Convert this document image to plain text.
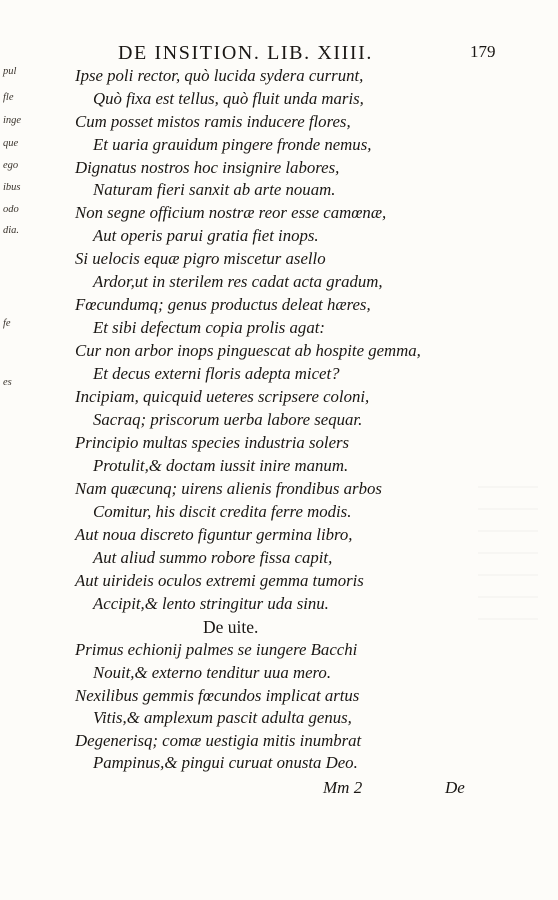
DE INSITION. LIB. XIIII.	179
pul
fle
inge
que
ego
ibus
odo
dia.
fe
es
Ipse poli rector, quò lucida sydera currunt,
Quò fixa est tellus, quò fluit unda maris,
Cum posset mistos ramis inducere flores,
Et uaria grauidum pingere fronde nemus,
Dignatus nostros hoc insignire labores,
Naturam fieri sanxit ab arte nouam.
Non segne officium nostræ reor esse camœnæ,
Aut operis parui gratia fiet inops.
Si uelocis equæ pigro miscetur asello
Ardor,ut in sterilem res cadat acta gradum,
Fœcundumq; genus productus deleat hæres,
Et sibi defectum copia prolis agat:
Cur non arbor inops pinguescat ab hospite gemma,
Et decus externi floris adepta micet?
Incipiam, quicquid ueteres scripsere coloni,
Sacraq; priscorum uerba labore sequar.
Principio multas species industria solers
Protulit,& doctam iussit inire manum.
Nam quæcunq; uirens alienis frondibus arbos
Comitur, his discit credita ferre modis.
Aut noua discreto figuntur germina libro,
Aut aliud summo robore fissa capit,
Aut uirideis oculos extremi gemma tumoris
Accipit,& lento stringitur uda sinu.
De uite.
Primus echionij palmes se iungere Bacchi
Nouit,& externo tenditur uua mero.
Nexilibus gemmis fœcundos implicat artus
Vitis,& amplexum pascit adulta genus,
Degenerisq; comæ uestigia mitis inumbrat
Pampinus,& pingui curuat onusta Deo.
Mm 2	De
